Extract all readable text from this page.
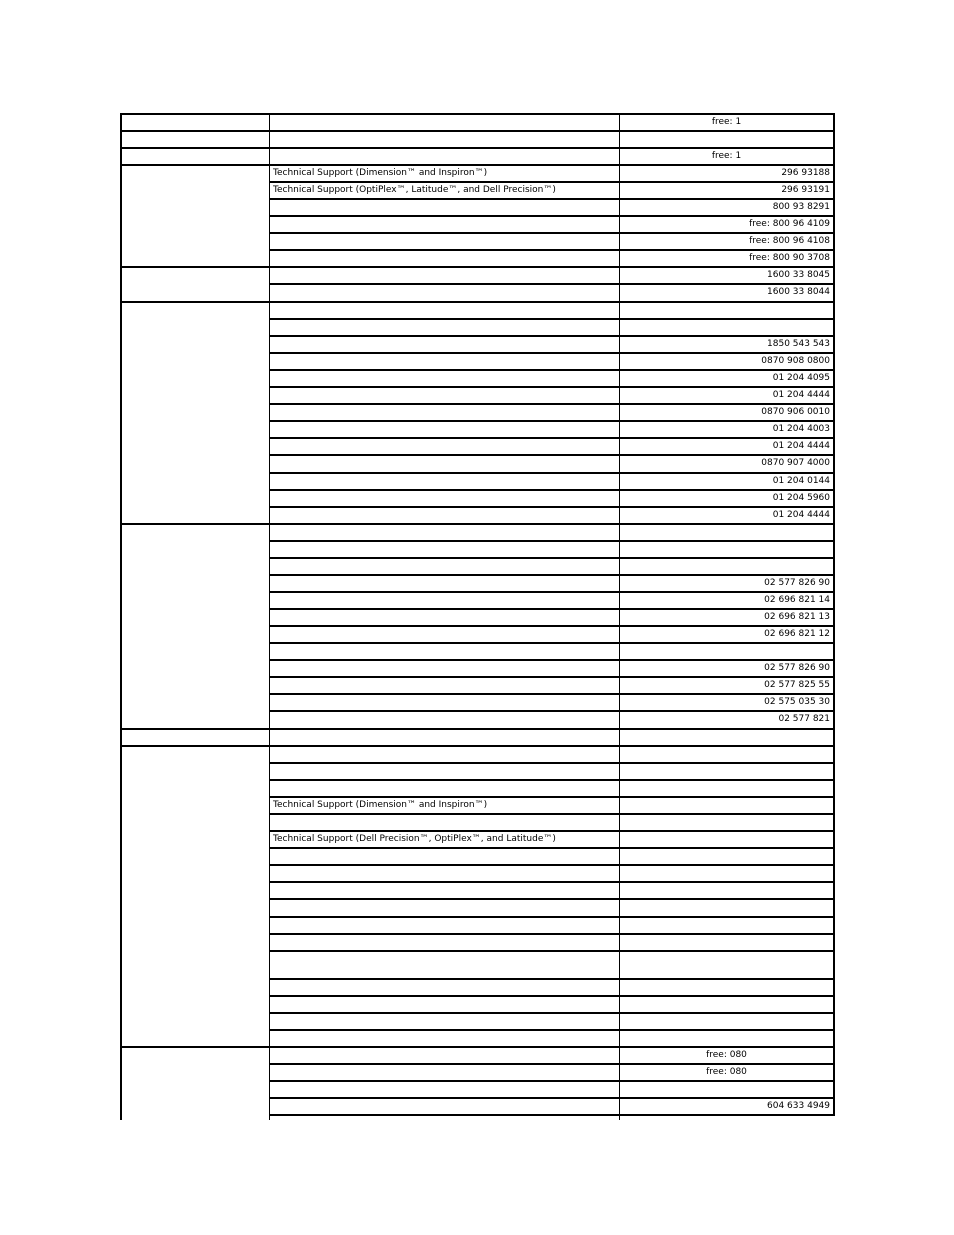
free: 1
free: 1
Technical Support (Dimension™ and Inspiron™)	296 93188
Technical Support (OptiPlex™, Latitude™, and Dell Precision™)	296 93191
800 93 8291
free: 800 96 4109
free: 800 96 4108
free: 800 90 3708
1600 33 8045
1600 33 8044
1850 543 543
0870 908 0800
01 204 4095
01 204 4444
0870 906 0010
01 204 4003
01 204 4444
0870 907 4000
01 204 0144
01 204 5960
01 204 4444
02 577 826 90
02 696 821 14
02 696 821 13
02 696 821 12
02 577 826 90
02 577 825 55
02 575 035 30
02 577 821
Technical Support (Dimension™ and Inspiron™)
Technical Support (Dell Precision™, OptiPlex™, and Latitude™)
free: 080
free: 080
604 633 4949
